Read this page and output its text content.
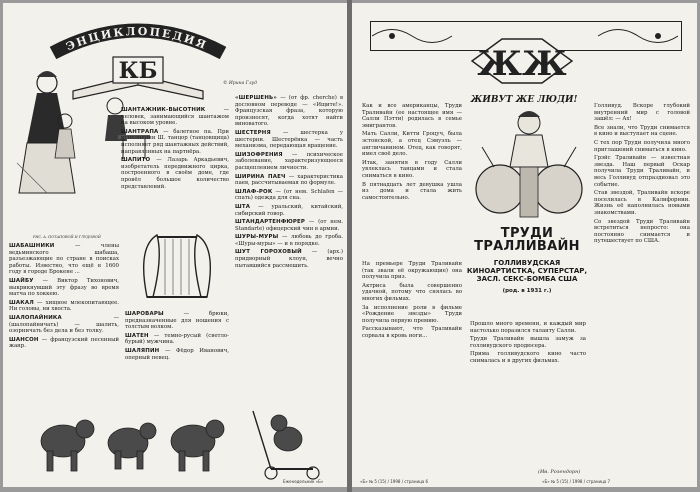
ЭНЦИКЛОПЕДИЯ
КБ	© Ирина Глуд
РИС. А. ПОТАПОВОЙ И ГЛУДОВОЙ

ШАНТАЖНИК-ВЫСОТНИК	— человек, занимающийся шантажом на высоком уровне.

ШАНТРАПА — балетное па. При исполнении Ш. танцор (танцовщица) исполняет ряд шантажных действий, направленных на партнёра.

ШАПИТО — Лазарь Аркадьевич, изобретатель передвижного цирка, построенного в своём доме, где провёл большое количество представлений.

«ШЕРШЕНЬ» — (от фр. cherche) в дословном переводе — «Ищите!». Французская фраза, которую произносят, когда хотят найти виноватого.

ШЕСТЕРНЯ — шестерка у шестерни. Шестерёнка — часть механизма, передающая вращение.

ШИЗОФРЕНИЯ — психическое заболевание, характеризующееся расщеплением личности.

ШИРИНА ПАЕЧ — характеристика паев, рассчитываемая по формуле.

ШЛАФ-РОК — (от нем. Schlafen — спать) одежда для сна.

ШТА — уральский, китайский, сибирский говор.

ШТАНДАРТЕНФЮРЕР — (от нем. Standarte) офицерский чин в армии.

ШУРЫ-МУРЫ — любовь до гроба. «Шуры-муры» — и в порядке.

ШУТ ГОРОХОВЫЙ — (арх.) придворный клоун, вечно пытавшийся рассмешить.

ШАБАШНИКИ	— члены ведьминского шабаша, разъезжающие по стране в поисках работы. Известно, что ещё в 1600 году в городе Брокене ...

ШАЙБУ — Виктор Тихонович, выкрикнувший эту фразу во время матча по хоккею.

ШАКАЛ — хищное млекопитающее. Ни головы, ни хвоста.

ШАЛОПАЙНИКА	— (шалопайничать) — шалить, озорничать без дела и без толку.

ШАНСОН — французский песенный жанр.

ШАРОВАРЫ	— брюки, предназначенные для ношения с толстым волком.

ШАТЕН — темно-русый (светло-бурый) мужчина.

ШАЛЯПИН — Фёдор Иванович, оперный певец.

Еженедельник «Б»
ЖЖ
ЖИВУТ ЖЕ ЛЮДИ!
ТРУДИ ТРАЛЛИВАЙН
ГОЛЛИВУДСКАЯ КИНОАРТИСТКА, СУПЕРСТАР, ЗАСЛ. СЕКС-БОМБА США
(род. в 1931 г.)

Как и все американцы, Труди Траливайн (ее настоящее имя — Салли Пэтти) родилась в семье эмигрантов.

Мать Салли, Китти Гроцуч, была эстонской, а отец Сэмуэль — англичанином. Отец, как говорят, имел своё дело.

Итак, занятия в году Салли увлеклась танцами и стала сниматься в кино.

В пятнадцать лет девушка ушла из дома и стала жить самостоятельно.

На премьере Труди Траливайн (так звали её окружающие) она получила приз.

Актриса была совершенно удачной, потому что снялась во многих фильмах.

За исполнение роли в фильме «Рождение звезды» Труди получила первую премию.

Рассказывают, что Траливайн сорвала в кровь ноги...

Прошло много времени, и каждый мир настолько поразился таланту Салли.

Труди Траливайн вышла замуж за голливудского продюсера.

Прима голливудского кино часто снималась и в других фильмах.

Голливуд. Вскоре глубокий внутренний мир с головой зашёл: — Ах!

Все знали, что Труди снимается в кино и выступает на сцене.

С тех пор Труди получила много приглашений сниматься в кино.

Грэйс Траливайн — известная звезда. Наш первый Оскар получила Труди Траливайн, и весь Голливуд отпраздновал это событие.

Став звездой, Траливайн вскоре поселилась в Калифорнии. Жизнь её наполнилась новыми знакомствами.

Со звездой Труди Траливайн встретиться непросто: она постоянно снимается и путешествует по США.

(Ив. Розендорн)
«Б» № 5 (15) / 1998 / страница 6	«Б» № 5 (15) / 1998 / страница 7
